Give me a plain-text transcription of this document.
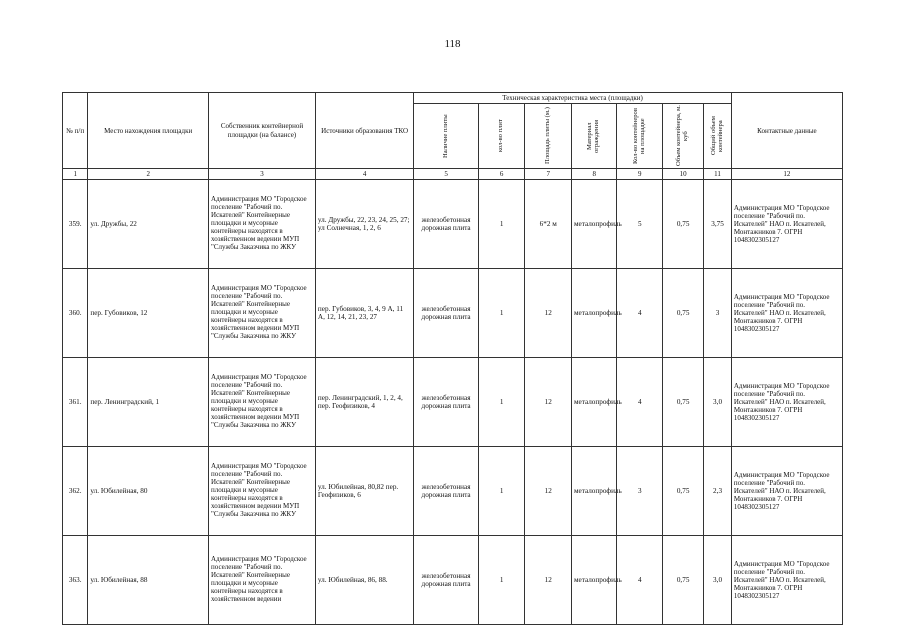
118
№ п/п	Место нахождения площадки	Собственник контейнерной площадки (на балансе)	Источники образования ТКО	Техническая характеристика места (площадки)							Контактные данные

				Наличие плиты	кол-во плит	Площадь плиты (м.)	Материал ограждения	Кол-во контейнеров на площадке	Объем контейнера, м. куб	Общий объем контейнера	

1	2	3	4	5	6	7	8	9	10	11	12
359.	ул. Дружбы, 22	Администрация МО "Городское поселение "Рабочий по. Искателей" Контейнерные площадки и мусорные контейнеры находятся в хозяйственном ведении МУП "Службы Заказчика по ЖКУ	ул. Дружбы, 22, 23, 24, 25, 27; ул Солнечная, 1, 2, 6	железобетонная дорожная плита	1	6*2 м	металопрофиль	5	0,75	3,75	Администрация МО "Городское поселение "Рабочий по. Искателей" НАО п. Искателей, Монтажников 7. ОГРН 1048302305127
360.	пер. Губовиков, 12	Администрация МО "Городское поселение "Рабочий по. Искателей" Контейнерные площадки и мусорные контейнеры находятся в хозяйственном ведении МУП "Службы Заказчика по ЖКУ	пер. Губовиков, 3, 4, 9 А, 11 А, 12, 14, 21, 23, 27	железобетонная дорожная плита	1	12	металопрофиль	4	0,75	3	Администрация МО "Городское поселение "Рабочий по. Искателей" НАО п. Искателей, Монтажников 7. ОГРН 1048302305127
361.	пер. Ленинградский, 1	Администрация МО "Городское поселение "Рабочий по. Искателей" Контейнерные площадки и мусорные контейнеры находятся в хозяйственном ведении МУП "Службы Заказчика по ЖКУ	пер. Ленинградский, 1, 2, 4, пер. Геофизиков, 4	железобетонная дорожная плита	1	12	металопрофиль	4	0,75	3,0	Администрация МО "Городское поселение "Рабочий по. Искателей" НАО п. Искателей, Монтажников 7. ОГРН 1048302305127
362.	ул. Юбилейная, 80	Администрация МО "Городское поселение "Рабочий по. Искателей" Контейнерные площадки и мусорные контейнеры находятся в хозяйственном ведении МУП "Службы Заказчика по ЖКУ	ул. Юбилейная, 80,82 пер. Геофизиков, 6	железобетонная дорожная плита	1	12	металопрофиль	3	0,75	2,3	Администрация МО "Городское поселение "Рабочий по. Искателей" НАО п. Искателей, Монтажников 7. ОГРН 1048302305127
363.	ул. Юбилейная, 88	Администрация МО "Городское поселение "Рабочий по. Искателей" Контейнерные площадки и мусорные контейнеры находятся в хозяйственном ведении	ул. Юбилейная, 86, 88.	железобетонная дорожная плита	1	12	металопрофиль	4	0,75	3,0	Администрация МО "Городское поселение "Рабочий по. Искателей" НАО п. Искателей, Монтажников 7. ОГРН 1048302305127
